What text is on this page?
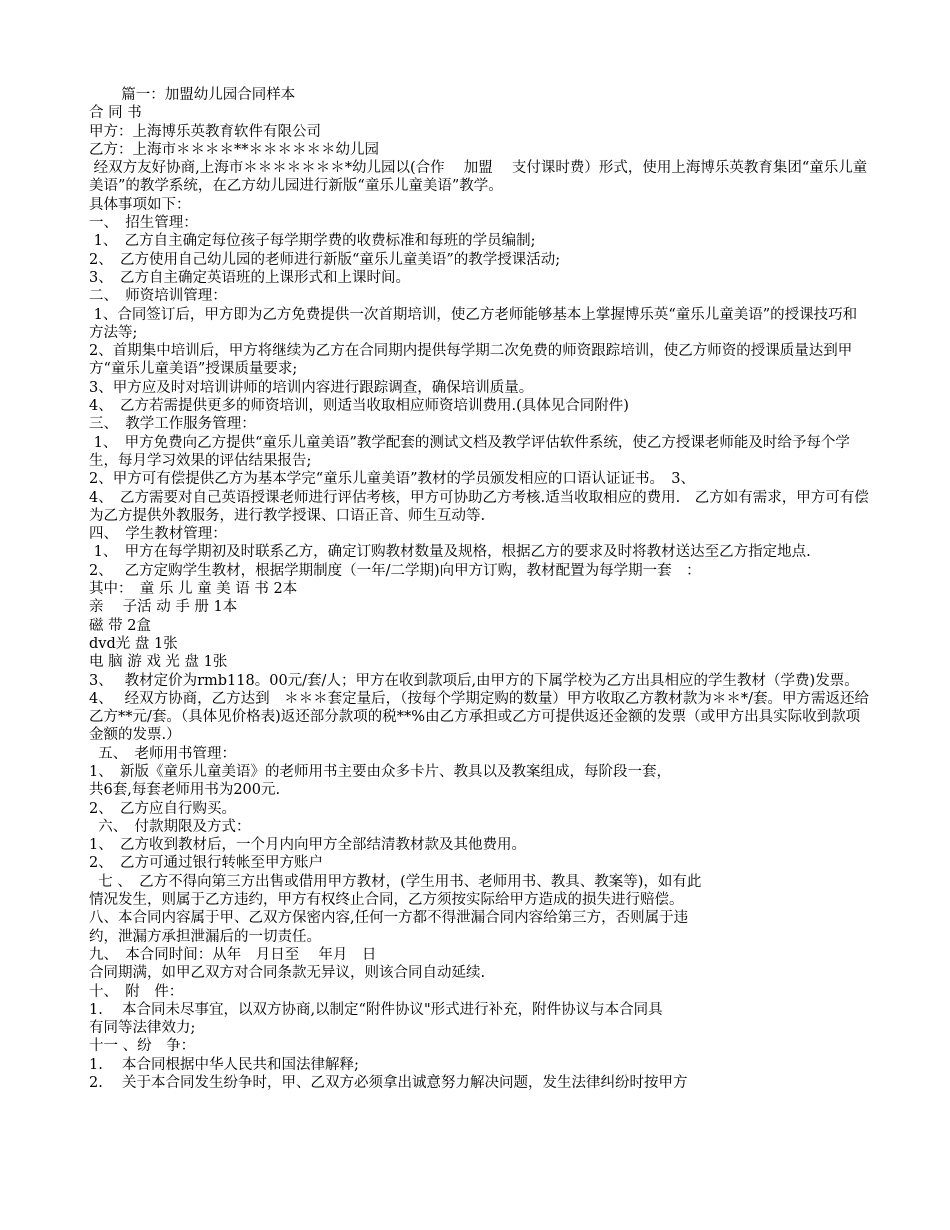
篇一：加盟幼儿园合同样本
合 同 书
甲方：上海博乐英教育软件有限公司
乙方：上海市＊＊＊＊**＊＊＊＊＊＊幼儿园
经双方友好协商,上海市＊＊＊＊＊＊＊*幼儿园以(合作　 加盟　 支付课时费）形式，使用上海博乐英教育集团“童乐儿童美语”的教学系统，在乙方幼儿园进行新版“童乐儿童美语”教学。
具体事项如下：
一、　招生管理：
1、　乙方自主确定每位孩子每学期学费的收费标准和每班的学员编制;
2、　乙方使用自己幼儿园的老师进行新版“童乐儿童美语”的教学授课活动;
3、　乙方自主确定英语班的上课形式和上课时间。
二、　师资培训管理：
1、合同签订后，甲方即为乙方免费提供一次首期培训，使乙方老师能够基本上掌握博乐英“童乐儿童美语”的授课技巧和方法等;
2、首期集中培训后，甲方将继续为乙方在合同期内提供每学期二次免费的师资跟踪培训，使乙方师资的授课质量达到甲方“童乐儿童美语”授课质量要求;
3、甲方应及时对培训讲师的培训内容进行跟踪调查，确保培训质量。
4、　乙方若需提供更多的师资培训，则适当收取相应师资培训费用.(具体见合同附件)
三、　教学工作服务管理：
1、　甲方免费向乙方提供“童乐儿童美语”教学配套的测试文档及教学评估软件系统，使乙方授课老师能及时给予每个学生，每月学习效果的评估结果报告;
2、甲方可有偿提供乙方为基本学完“童乐儿童美语”教材的学员颁发相应的口语认证证书。　3、
4、　乙方需要对自己英语授课老师进行评估考核，甲方可协助乙方考核.适当收取相应的费用.　乙方如有需求，甲方可有偿为乙方提供外教服务，进行教学授课、口语正音、师生互动等.
四、　学生教材管理：
1、　甲方在每学期初及时联系乙方，确定订购教材数量及规格，根据乙方的要求及时将教材送达至乙方指定地点.
2、　 乙方定购学生教材，根据学期制度（一年/二学期)向甲方订购，教材配置为每学期一套　：
其中：　童 乐 儿 童 美 语 书 2本
亲　 子活 动 手 册 1本
磁 带 2盒
dvd光 盘 1张
电 脑 游 戏 光 盘 1张
3、　 教材定价为rmb118。00元/套/人；甲方在收到款项后,由甲方的下属学校为乙方出具相应的学生教材（学费)发票。
4、　 经双方协商，乙方达到　＊＊＊套定量后，（按每个学期定购的数量）甲方收取乙方教材款为＊＊*/套。甲方需返还给乙方**元/套。（具体见价格表)返还部分款项的税**%由乙方承担或乙方可提供返还金额的发票（或甲方出具实际收到款项金额的发票.）
五、　老师用书管理：
1、　新版《童乐儿童美语》的老师用书主要由众多卡片、教具以及教案组成，每阶段一套，
共6套,每套老师用书为200元.
2、　乙方应自行购买。
六、　付款期限及方式：
1、　乙方收到教材后，一个月内向甲方全部结清教材款及其他费用。
2、　乙方可通过银行转帐至甲方账户
七 、　乙方不得向第三方出售或借用甲方教材，(学生用书、老师用书、教具、教案等)，如有此
情况发生，则属于乙方违约，甲方有权终止合同，乙方须按实际给甲方造成的损失进行赔偿。
八、本合同内容属于甲、乙双方保密内容,任何一方都不得泄漏合同内容给第三方，否则属于违
约，泄漏方承担泄漏后的一切责任。
九、　本合同时间：从年　月日至　 年月　日
合同期满，如甲乙双方对合同条款无异议，则该合同自动延续.
十、　附　件：
1.　 本合同未尽事宜，以双方协商,以制定“附件协议"形式进行补充，附件协议与本合同具
有同等法律效力;
十一 、纷　争：
1.　 本合同根据中华人民共和国法律解释;
2.　 关于本合同发生纷争时，甲、乙双方必须拿出诚意努力解决问题，发生法律纠纷时按甲方
